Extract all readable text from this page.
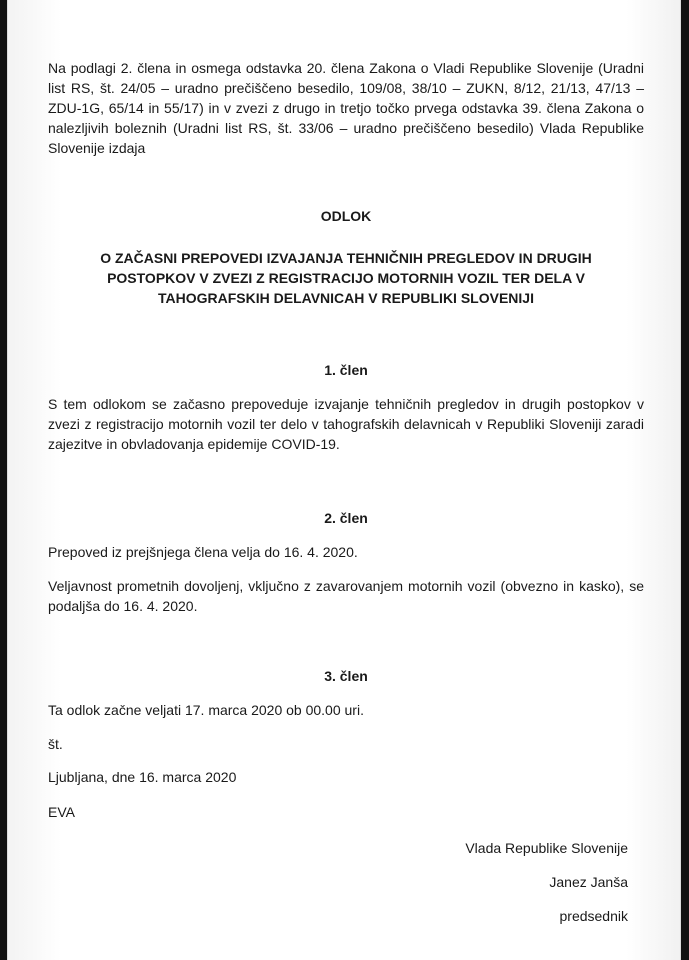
Na podlagi 2. člena in osmega odstavka 20. člena Zakona o Vladi Republike Slovenije (Uradni list RS, št. 24/05 – uradno prečiščeno besedilo, 109/08, 38/10 – ZUKN, 8/12, 21/13, 47/13 – ZDU-1G, 65/14 in 55/17) in v zvezi z drugo in tretjo točko prvega odstavka 39. člena Zakona o nalezljivih boleznih (Uradni list RS, št. 33/06 – uradno prečiščeno besedilo) Vlada Republike Slovenije izdaja

ODLOK

O ZAČASNI PREPOVEDI IZVAJANJA TEHNIČNIH PREGLEDOV IN DRUGIH POSTOPKOV V ZVEZI Z REGISTRACIJO MOTORNIH VOZIL TER DELA V TAHOGRAFSKIH DELAVNICAH V REPUBLIKI SLOVENIJI

1. člen

S tem odlokom se začasno prepoveduje izvajanje tehničnih pregledov in drugih postopkov v zvezi z registracijo motornih vozil ter delo v tahografskih delavnicah v Republiki Sloveniji zaradi zajezitve in obvladovanja epidemije COVID-19.

2. člen

Prepoved iz prejšnjega člena velja do 16. 4. 2020.

Veljavnost prometnih dovoljenj, vključno z zavarovanjem motornih vozil (obvezno in kasko), se podaljša do 16. 4. 2020.

3. člen

Ta odlok začne veljati 17. marca 2020 ob 00.00 uri.

št.

Ljubljana, dne 16. marca 2020

EVA

Vlada Republike Slovenije

Janez Janša

predsednik
